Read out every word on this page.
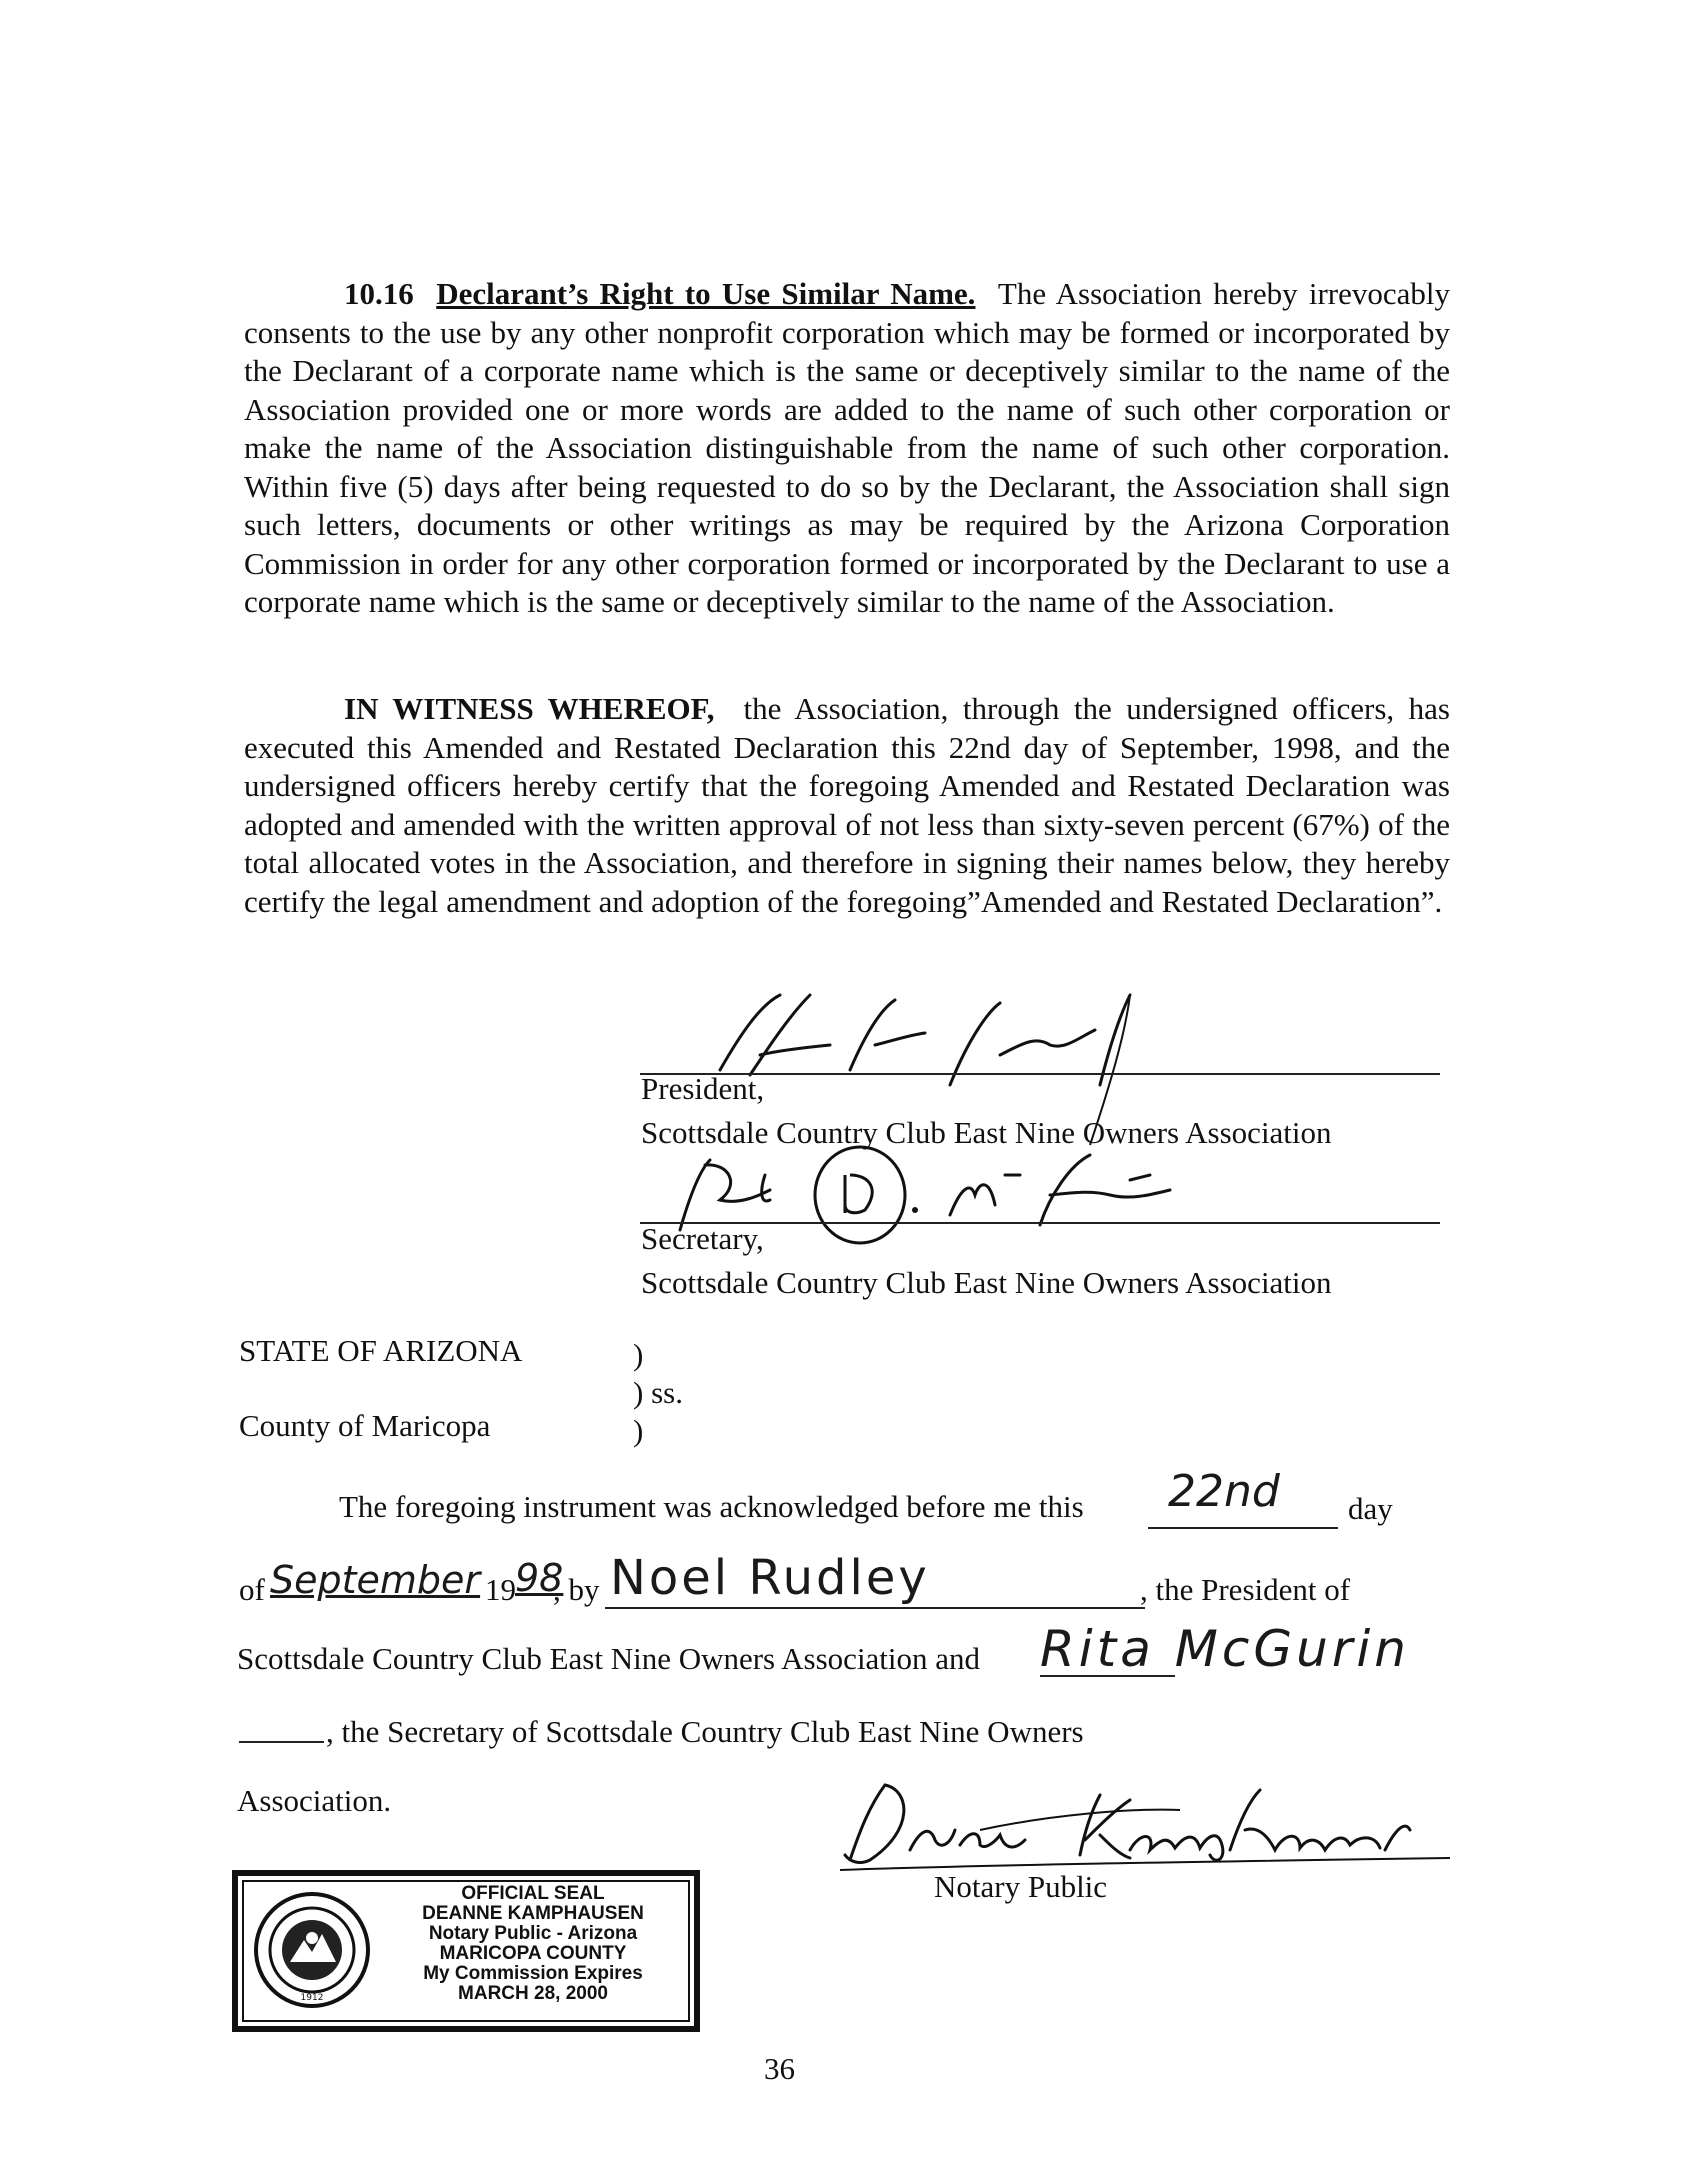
10.16 Declarant’s Right to Use Similar Name. The Association hereby irrevocably consents to the use by any other nonprofit corporation which may be formed or incorporated by the Declarant of a corporate name which is the same or deceptively similar to the name of the Association provided one or more words are added to the name of such other corporation or make the name of the Association distinguishable from the name of such other corporation. Within five (5) days after being requested to do so by the Declarant, the Association shall sign such letters, documents or other writings as may be required by the Arizona Corporation Commission in order for any other corporation formed or incorporated by the Declarant to use a corporate name which is the same or deceptively similar to the name of the Association.
IN WITNESS WHEREOF, the Association, through the undersigned officers, has executed this Amended and Restated Declaration this 22nd day of September, 1998, and the undersigned officers hereby certify that the foregoing Amended and Restated Declaration was adopted and amended with the written approval of not less than sixty-seven percent (67%) of the total allocated votes in the Association, and therefore in signing their names below, they hereby certify the legal amendment and adoption of the foregoing”Amended and Restated Declaration”.
President,
Scottsdale Country Club East Nine Owners Association
Secretary,
Scottsdale Country Club East Nine Owners Association
STATE OF ARIZONA	)
) ss.
County of Maricopa	)
The foregoing instrument was acknowledged before me this 22nd day
of September 19 98
, by Noel Rudley	, the President of
Scottsdale Country Club East Nine Owners Association and Rita McGurin
, the Secretary of Scottsdale Country Club East Nine Owners
Association.
Notary Public
1912
OFFICIAL SEAL
DEANNE KAMPHAUSEN
Notary Public - Arizona
MARICOPA COUNTY
My Commission Expires
MARCH 28, 2000
36
